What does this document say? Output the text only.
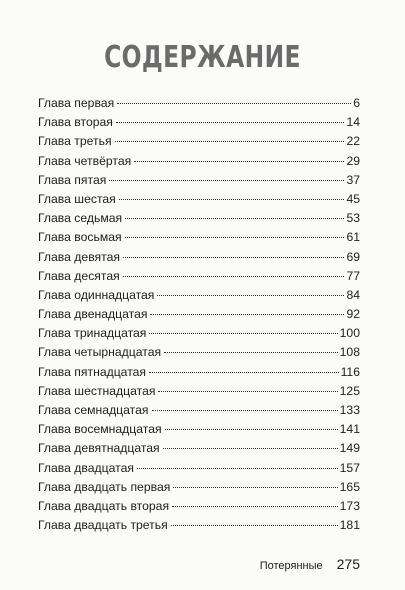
СОДЕРЖАНИЕ
Глава первая	6
Глава вторая	14
Глава третья	22
Глава четвёртая	29
Глава пятая	37
Глава шестая	45
Глава седьмая	53
Глава восьмая	61
Глава девятая	69
Глава десятая	77
Глава одиннадцатая	84
Глава двенадцатая	92
Глава тринадцатая	100
Глава четырнадцатая	108
Глава пятнадцатая	116
Глава шестнадцатая	125
Глава семнадцатая	133
Глава восемнадцатая	141
Глава девятнадцатая	149
Глава двадцатая	157
Глава двадцать первая	165
Глава двадцать вторая	173
Глава двадцать третья	181
Потерянные 275
